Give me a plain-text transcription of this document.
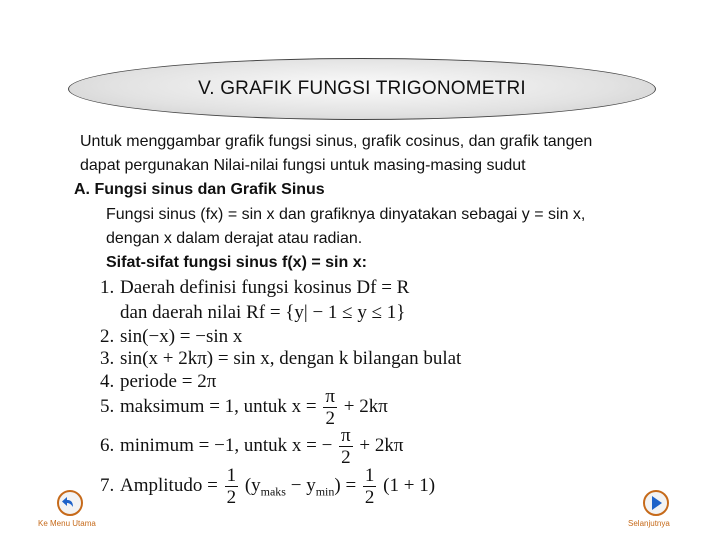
V. GRAFIK FUNGSI TRIGONOMETRI
Untuk menggambar grafik fungsi sinus, grafik cosinus, dan grafik tangen
dapat pergunakan Nilai-nilai fungsi untuk masing-masing sudut
A. Fungsi sinus dan Grafik Sinus
Fungsi sinus (fx) = sin x dan grafiknya dinyatakan sebagai y = sin x,
dengan x dalam derajat atau radian.
Sifat-sifat fungsi sinus f(x) = sin x:
1. Daerah definisi fungsi kosinus Df = R
dan daerah nilai Rf = {y| − 1 ≤ y ≤ 1}
2. sin(−x) = −sin x
3. sin(x + 2kπ) = sin x, dengan k bilangan bulat
4. periode = 2π
5. maksimum = 1, untuk $x = \frac{\pi}{2} + 2k\pi$
6. minimum = −1, untuk x = − $\frac{\pi}{2} + 2k\pi$
7. Amplitudo = $\frac{1}{2} (y_{maks} - y_{min}) = \frac{1}{2} (1 + 1)$
Ke Menu Utama	Selanjutnya
